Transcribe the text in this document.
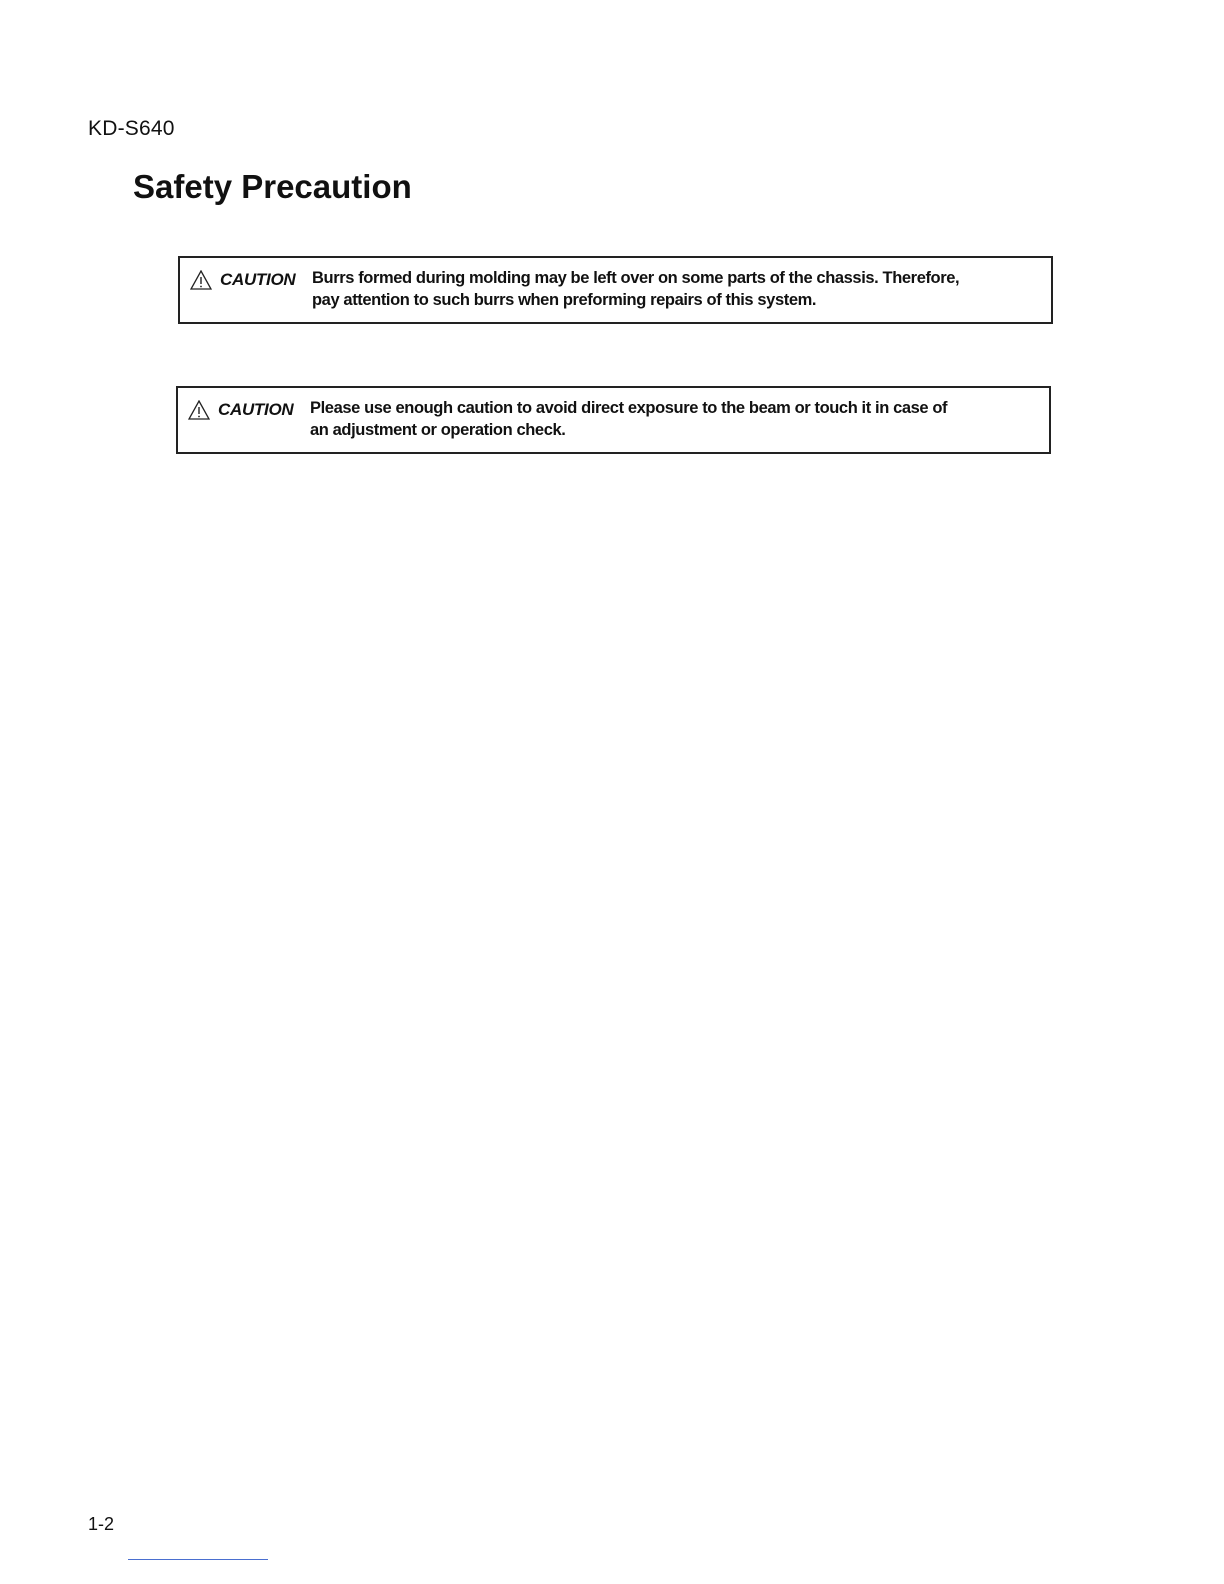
KD-S640
Safety Precaution
CAUTION	Burrs formed during molding may be left over on some parts of the chassis. Therefore,
pay attention to such burrs when preforming repairs of this system.
CAUTION	Please use enough caution to avoid direct exposure to the beam or touch it in case of
an adjustment or operation check.
1-2
